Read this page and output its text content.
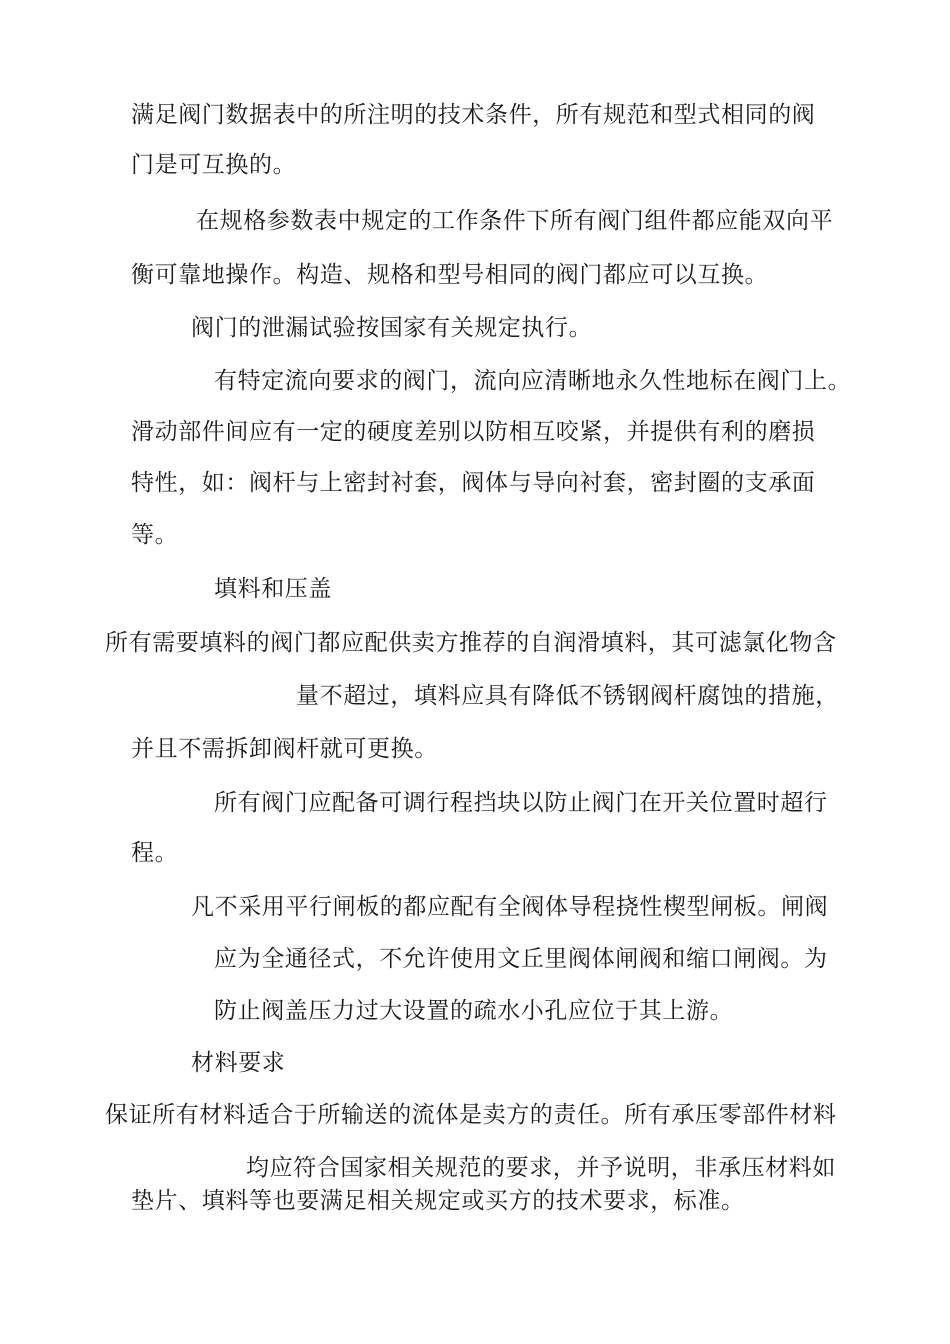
满足阀门数据表中的所注明的技术条件，所有规范和型式相同的阀
门是可互换的。
在规格参数表中规定的工作条件下所有阀门组件都应能双向平
衡可靠地操作。构造、规格和型号相同的阀门都应可以互换。
阀门的泄漏试验按国家有关规定执行。
有特定流向要求的阀门，流向应清晰地永久性地标在阀门上。
滑动部件间应有一定的硬度差别以防相互咬紧，并提供有利的磨损
特性，如：阀杆与上密封衬套，阀体与导向衬套，密封圈的支承面
等。
填料和压盖
所有需要填料的阀门都应配供卖方推荐的自润滑填料，其可滤氯化物含
量不超过，填料应具有降低不锈钢阀杆腐蚀的措施，
并且不需拆卸阀杆就可更换。
所有阀门应配备可调行程挡块以防止阀门在开关位置时超行
程。
凡不采用平行闸板的都应配有全阀体导程挠性楔型闸板。闸阀
应为全通径式，不允许使用文丘里阀体闸阀和缩口闸阀。为
防止阀盖压力过大设置的疏水小孔应位于其上游。
材料要求
保证所有材料适合于所输送的流体是卖方的责任。所有承压零部件材料
均应符合国家相关规范的要求，并予说明，非承压材料如
垫片、填料等也要满足相关规定或买方的技术要求，标准。
